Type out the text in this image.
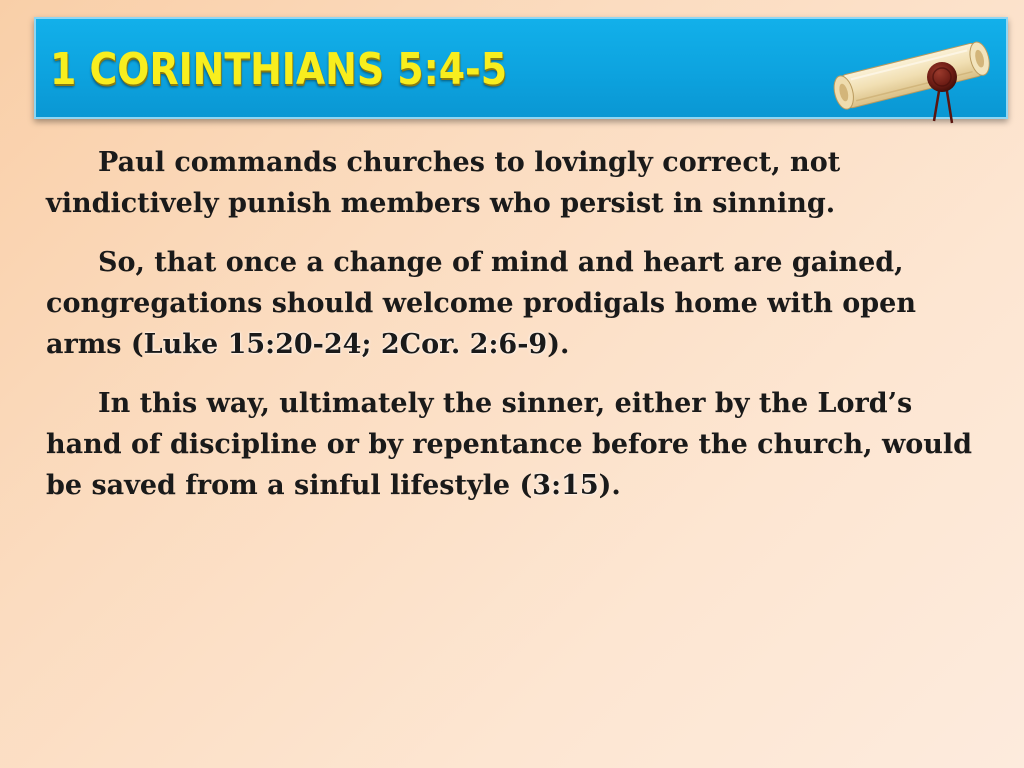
1 CORINTHIANS 5:4-5

Paul commands churches to lovingly correct, not vindictively punish members who persist in sinning.

So, that once a change of mind and heart are gained, congregations should welcome prodigals home with open arms (Luke 15:20-24; 2Cor. 2:6-9).

In this way, ultimately the sinner, either by the Lord’s hand of discipline or by repentance before the church, would be saved from a sinful lifestyle (3:15).
